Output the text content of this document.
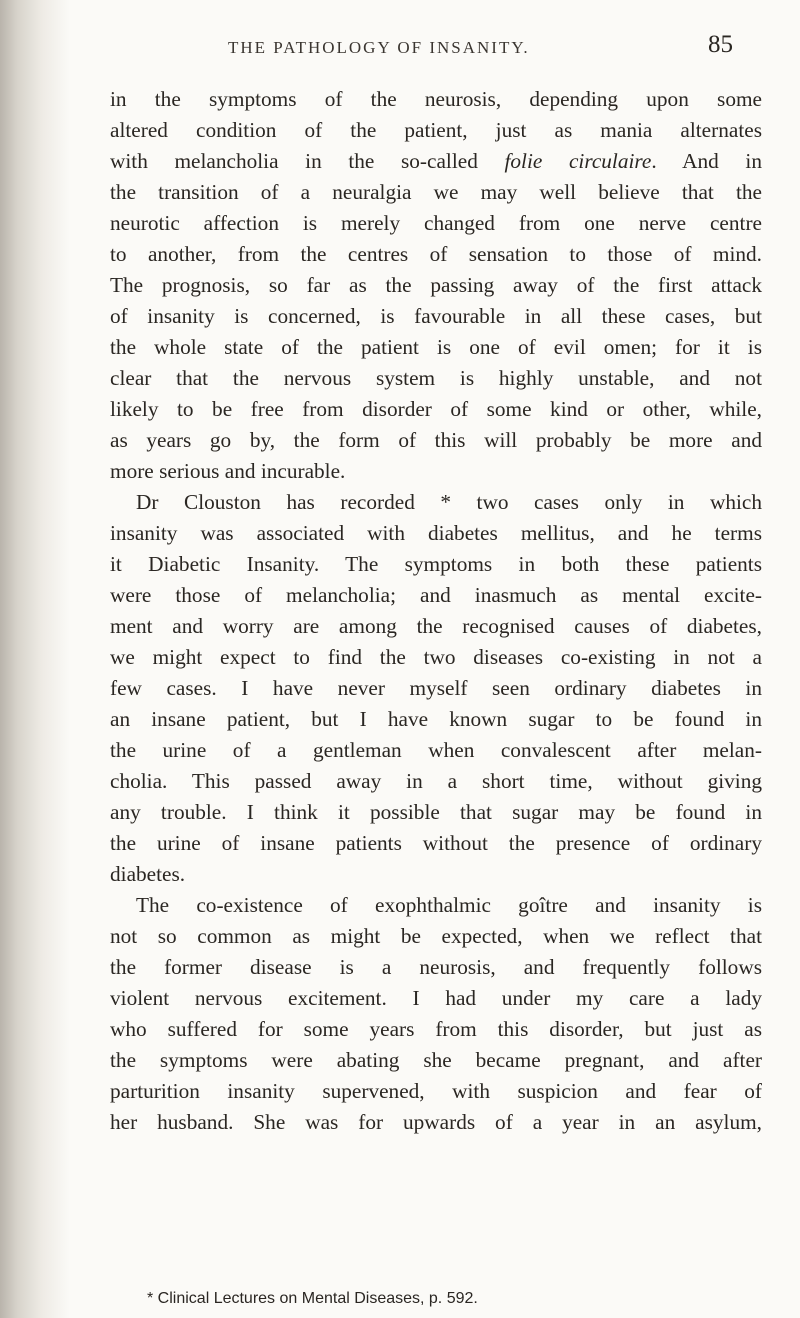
THE PATHOLOGY OF INSANITY.	85
in the symptoms of the neurosis, depending upon some
altered condition of the patient, just as mania alternates
with melancholia in the so-called folie circulaire. And in
the transition of a neuralgia we may well believe that the
neurotic affection is merely changed from one nerve centre
to another, from the centres of sensation to those of mind.
The prognosis, so far as the passing away of the first attack
of insanity is concerned, is favourable in all these cases, but
the whole state of the patient is one of evil omen; for it is
clear that the nervous system is highly unstable, and not
likely to be free from disorder of some kind or other, while,
as years go by, the form of this will probably be more and
more serious and incurable.
Dr Clouston has recorded * two cases only in which
insanity was associated with diabetes mellitus, and he terms
it Diabetic Insanity. The symptoms in both these patients
were those of melancholia; and inasmuch as mental excite-
ment and worry are among the recognised causes of diabetes,
we might expect to find the two diseases co-existing in not a
few cases. I have never myself seen ordinary diabetes in
an insane patient, but I have known sugar to be found in
the urine of a gentleman when convalescent after melan-
cholia. This passed away in a short time, without giving
any trouble. I think it possible that sugar may be found in
the urine of insane patients without the presence of ordinary
diabetes.
The co-existence of exophthalmic goître and insanity is
not so common as might be expected, when we reflect that
the former disease is a neurosis, and frequently follows
violent nervous excitement. I had under my care a lady
who suffered for some years from this disorder, but just as
the symptoms were abating she became pregnant, and after
parturition insanity supervened, with suspicion and fear of
her husband. She was for upwards of a year in an asylum,
* Clinical Lectures on Mental Diseases, p. 592.
